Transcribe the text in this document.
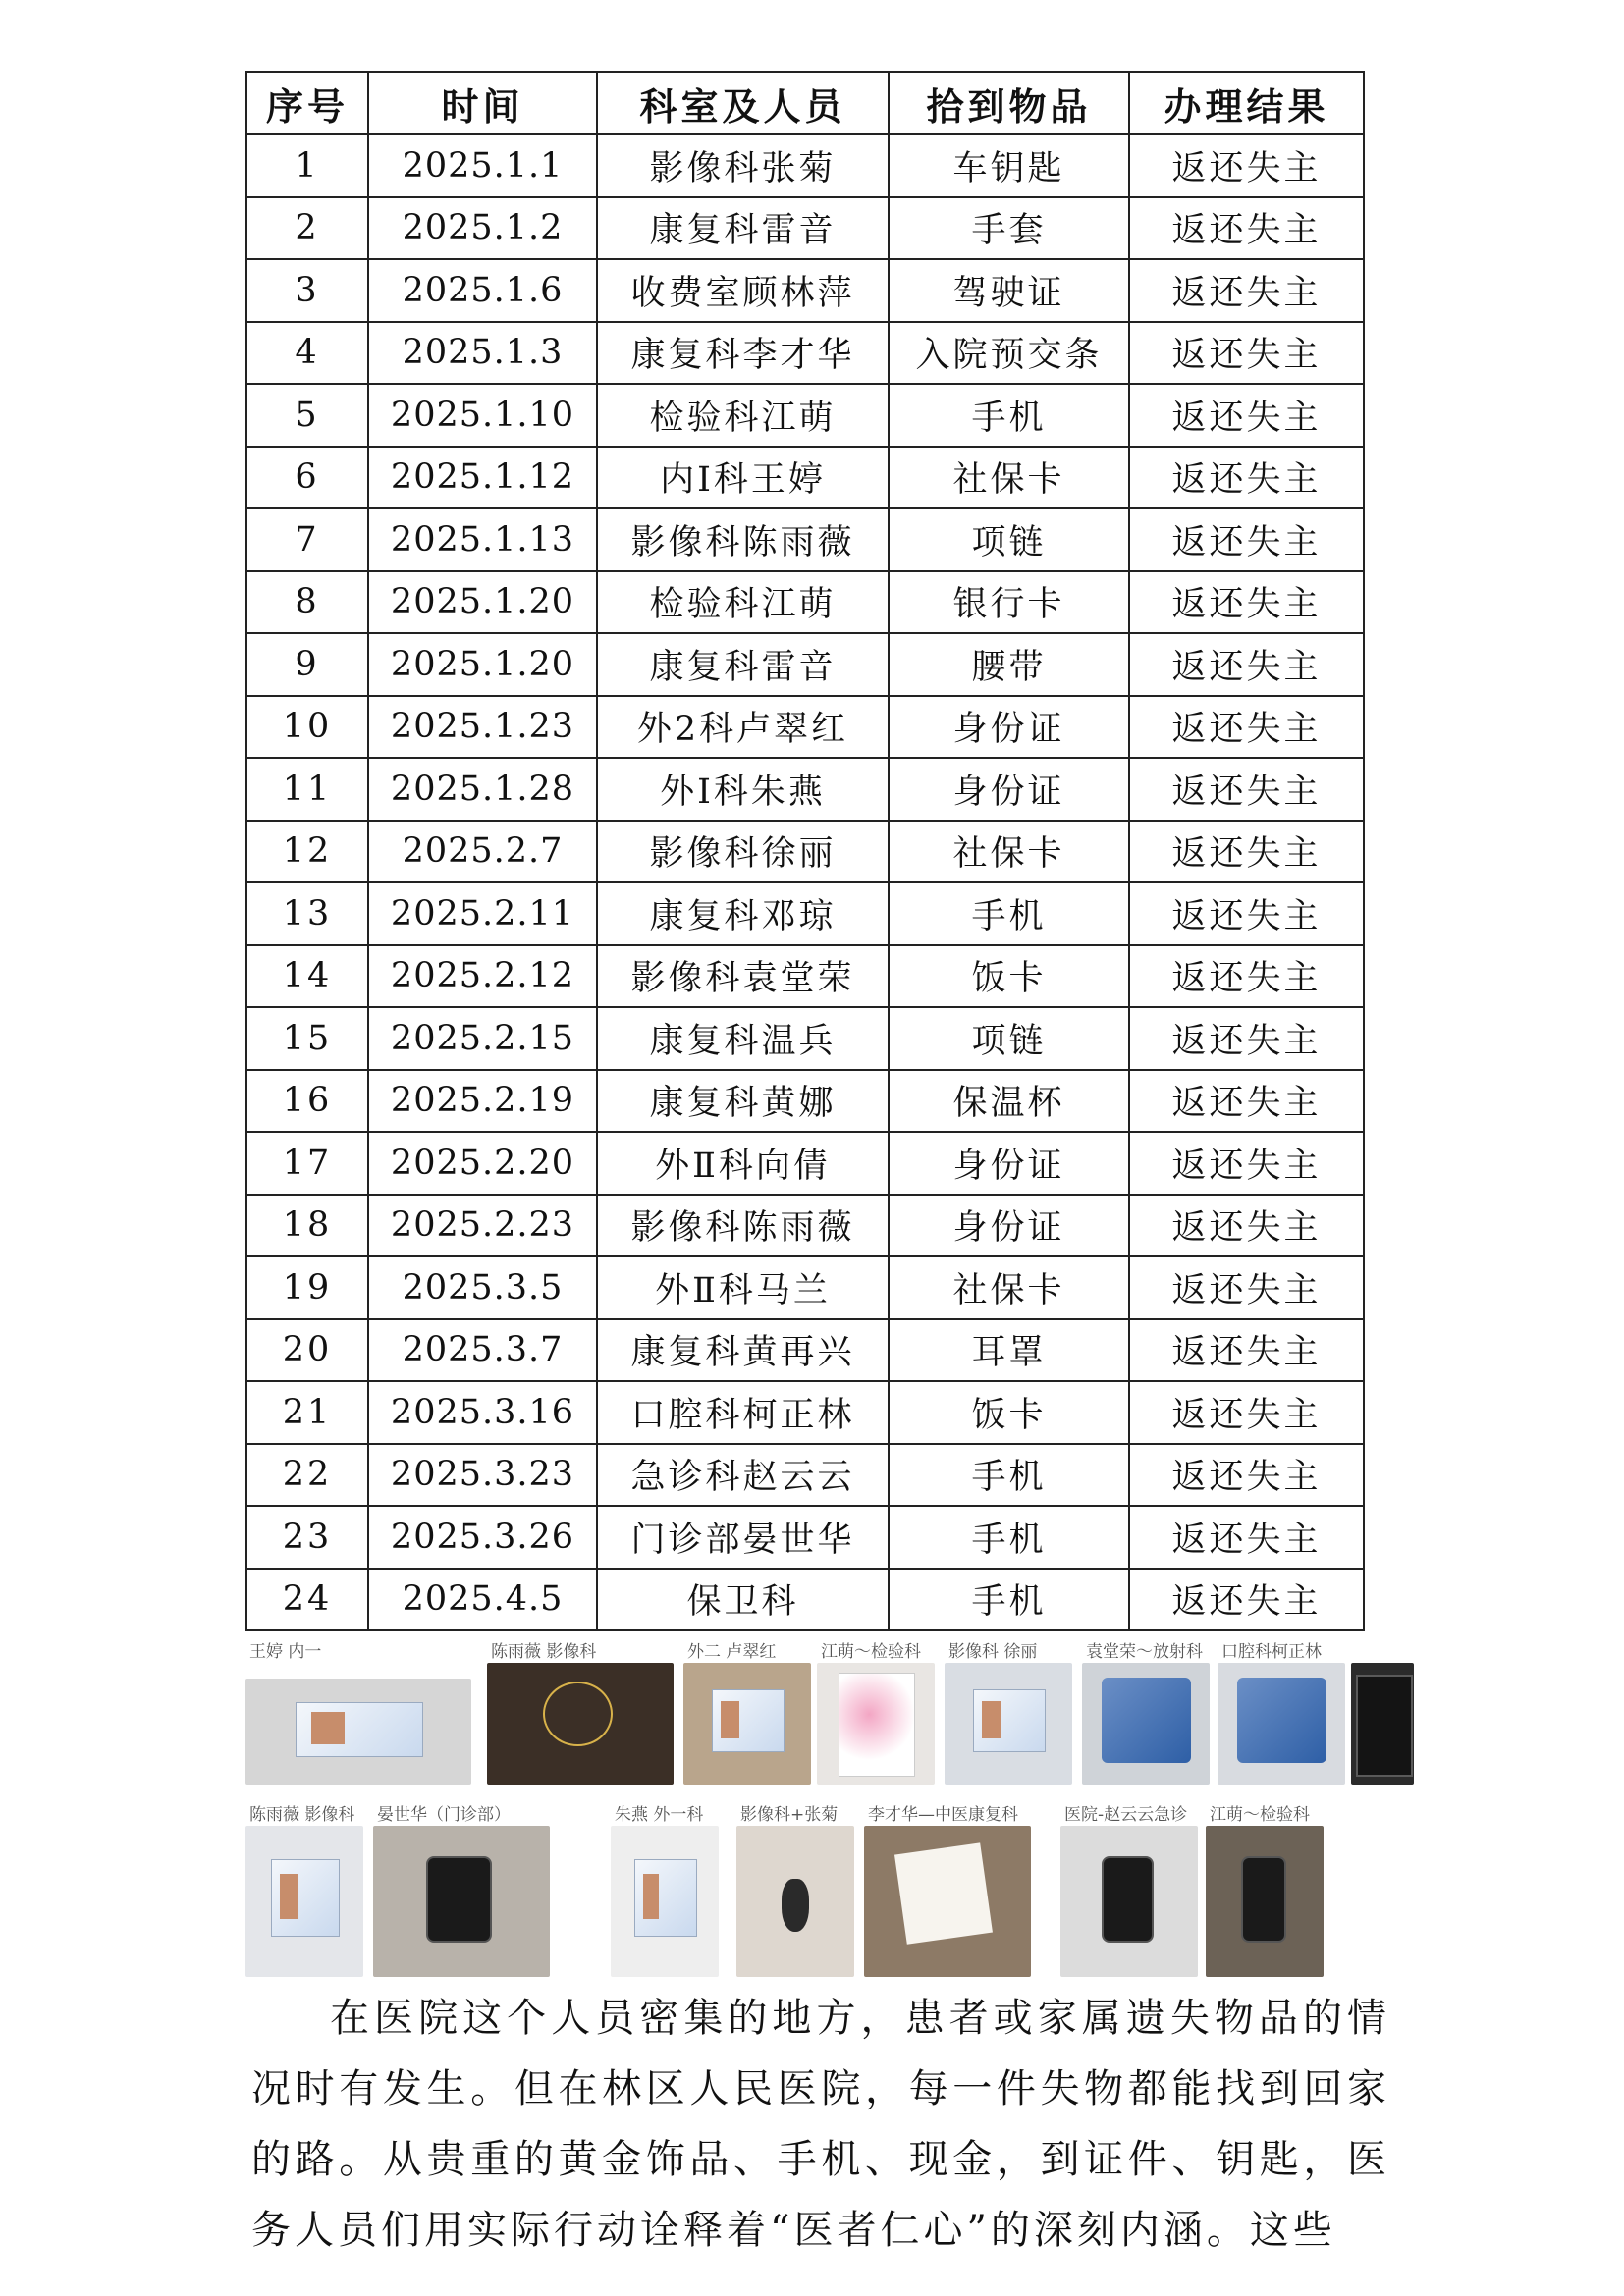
序号	时间	科室及人员	拾到物品	办理结果
1	2025.1.1	影像科张菊	车钥匙	返还失主
2	2025.1.2	康复科雷音	手套	返还失主
3	2025.1.6	收费室顾林萍	驾驶证	返还失主
4	2025.1.3	康复科李才华	入院预交条	返还失主
5	2025.1.10	检验科江萌	手机	返还失主
6	2025.1.12	内Ⅰ科王婷	社保卡	返还失主
7	2025.1.13	影像科陈雨薇	项链	返还失主
8	2025.1.20	检验科江萌	银行卡	返还失主
9	2025.1.20	康复科雷音	腰带	返还失主
10	2025.1.23	外2科卢翠红	身份证	返还失主
11	2025.1.28	外Ⅰ科朱燕	身份证	返还失主
12	2025.2.7	影像科徐丽	社保卡	返还失主
13	2025.2.11	康复科邓琼	手机	返还失主
14	2025.2.12	影像科袁堂荣	饭卡	返还失主
15	2025.2.15	康复科温兵	项链	返还失主
16	2025.2.19	康复科黄娜	保温杯	返还失主
17	2025.2.20	外Ⅱ科向倩	身份证	返还失主
18	2025.2.23	影像科陈雨薇	身份证	返还失主
19	2025.3.5	外Ⅱ科马兰	社保卡	返还失主
20	2025.3.7	康复科黄再兴	耳罩	返还失主
21	2025.3.16	口腔科柯正林	饭卡	返还失主
22	2025.3.23	急诊科赵云云	手机	返还失主
23	2025.3.26	门诊部晏世华	手机	返还失主
24	2025.4.5	保卫科	手机	返还失主
王婷 内一	陈雨薇 影像科	外二 卢翠红	江萌～检验科 影像科 徐丽	袁堂荣～放射科 口腔科柯正林
陈雨薇 影像科 晏世华（门诊部）	朱燕 外一科 影像科+张菊 李才华—中医康复科	医院-赵云云急诊 江萌～检验科

在医院这个人员密集的地方，患者或家属遗失物品的情况时有发生。但在林区人民医院，每一件失物都能找到回家的路。从贵重的黄金饰品、手机、现金，到证件、钥匙，医务人员们用实际行动诠释着“医者仁心”的深刻内涵。这些
